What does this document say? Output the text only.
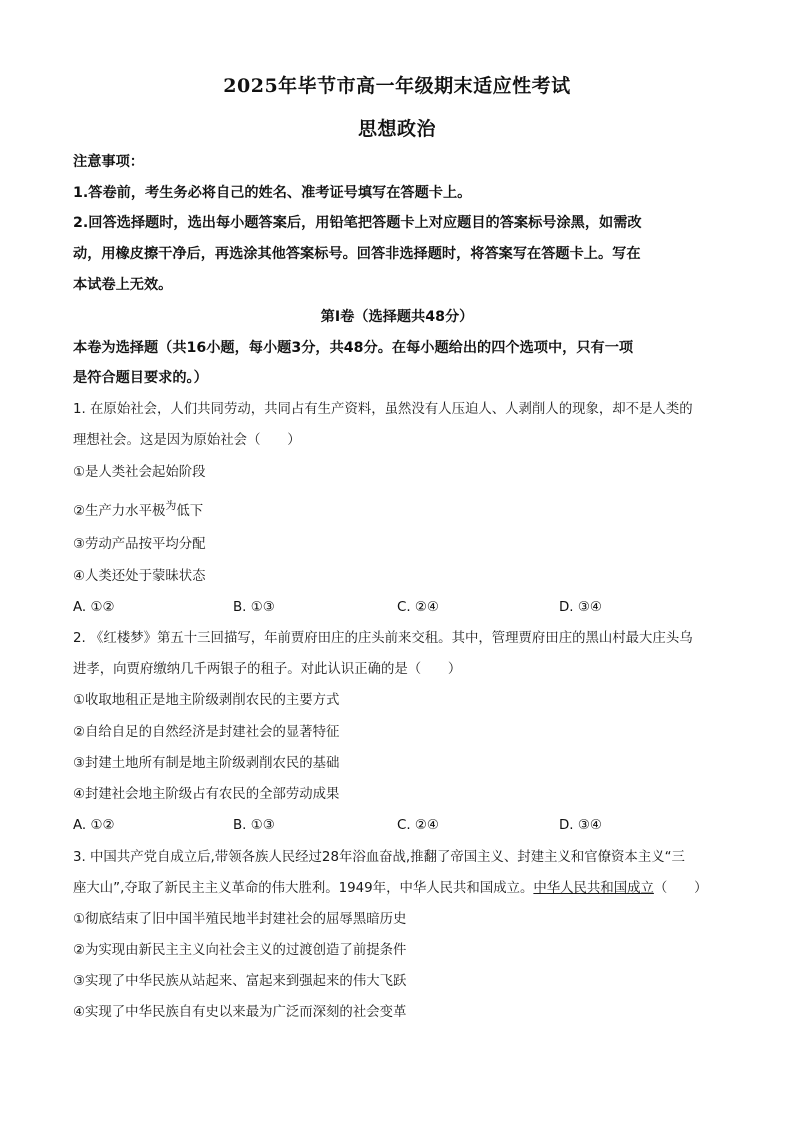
2025年毕节市高一年级期末适应性考试
思想政治
注意事项：
1.答卷前，考生务必将自己的姓名、准考证号填写在答题卡上。
2.回答选择题时，选出每小题答案后，用铅笔把答题卡上对应题目的答案标号涂黑，如需改
动，用橡皮擦干净后，再选涂其他答案标号。回答非选择题时，将答案写在答题卡上。写在
本试卷上无效。
第Ⅰ卷（选择题共48分）
本卷为选择题（共16小题，每小题3分，共48分。在每小题给出的四个选项中，只有一项
是符合题目要求的。）
1. 在原始社会，人们共同劳动，共同占有生产资料，虽然没有人压迫人、人剥削人的现象，却不是人类的
理想社会。这是因为原始社会（　　）
①是人类社会起始阶段
②生产力水平极$^为$低下
③劳动产品按平均分配
④人类还处于蒙昧状态
A. ①②	B. ①③	C. ②④	D. ③④
2. 《红楼梦》第五十三回描写，年前贾府田庄的庄头前来交租。其中，管理贾府田庄的黑山村最大庄头乌
进孝，向贾府缴纳几千两银子的租子。对此认识正确的是（　　）
①收取地租正是地主阶级剥削农民的主要方式
②自给自足的自然经济是封建社会的显著特征
③封建土地所有制是地主阶级剥削农民的基础
④封建社会地主阶级占有农民的全部劳动成果
A. ①②	B. ①③	C. ②④	D. ③④
3. 中国共产党自成立后,带领各族人民经过28年浴血奋战,推翻了帝国主义、封建主义和官僚资本主义“三
座大山”,夺取了新民主主义革命的伟大胜利。1949年，中华人民共和国成立。中华人民共和国成立（　　）
①彻底结束了旧中国半殖民地半封建社会的屈辱黑暗历史
②为实现由新民主主义向社会主义的过渡创造了前提条件
③实现了中华民族从站起来、富起来到强起来的伟大飞跃
④实现了中华民族自有史以来最为广泛而深刻的社会变革
